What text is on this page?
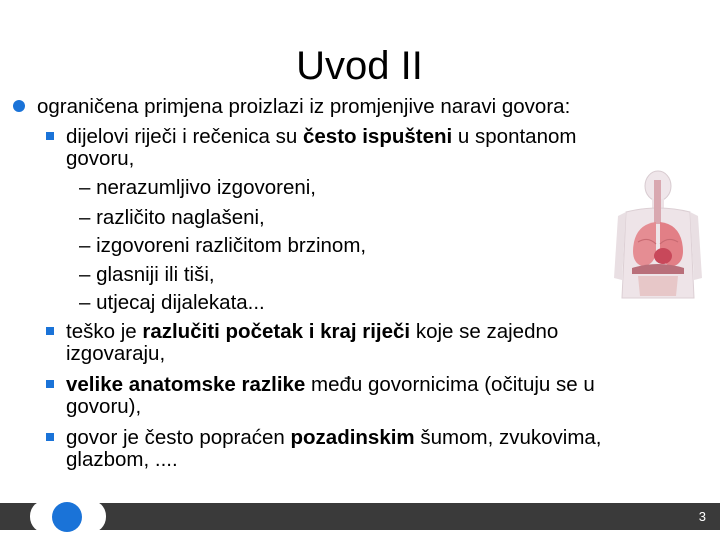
Uvod II
ograničena primjena proizlazi iz promjenjive naravi govora:
dijelovi riječi i rečenica su često ispušteni u spontanom
govoru,
– nerazumljivo izgovoreni,
– različito naglašeni,
– izgovoreni različitom brzinom,
– glasniji ili tiši,
– utjecaj dijalekata...
teško je razlučiti početak i kraj riječi koje se zajedno
izgovaraju,
velike anatomske razlike među govornicima (očituju se u
govoru),
govor je često popraćen pozadinskim šumom, zvukovima,
glazbom, ....
3
